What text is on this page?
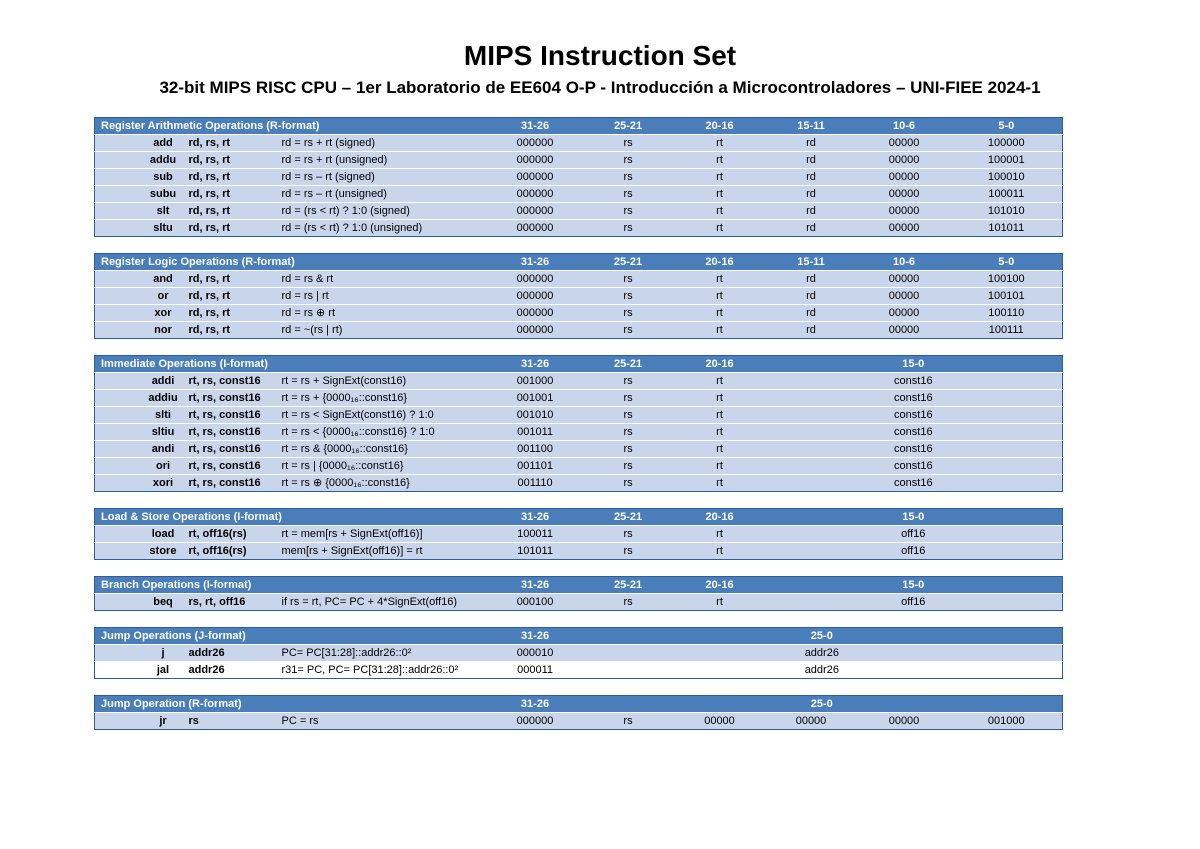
MIPS Instruction Set
32-bit MIPS RISC CPU – 1er Laboratorio de EE604 O-P - Introducción a Microcontroladores – UNI-FIEE 2024-1
Register Arithmetic Operations (R-format)				31-26	25-21	20-16	15-11	10-6	5-0
	add	rd, rs, rt	rd = rs + rt (signed)	000000	rs	rt	rd	00000	100000
	addu	rd, rs, rt	rd = rs + rt (unsigned)	000000	rs	rt	rd	00000	100001
	sub	rd, rs, rt	rd = rs – rt (signed)	000000	rs	rt	rd	00000	100010
	subu	rd, rs, rt	rd = rs – rt (unsigned)	000000	rs	rt	rd	00000	100011
	slt	rd, rs, rt	rd = (rs < rt) ? 1:0 (signed)	000000	rs	rt	rd	00000	101010
	sltu	rd, rs, rt	rd = (rs < rt) ? 1:0 (unsigned)	000000	rs	rt	rd	00000	101011
Register Logic Operations (R-format)				31-26	25-21	20-16	15-11	10-6	5-0
	and	rd, rs, rt	rd = rs & rt	000000	rs	rt	rd	00000	100100
	or	rd, rs, rt	rd = rs | rt	000000	rs	rt	rd	00000	100101
	xor	rd, rs, rt	rd = rs ⊕ rt	000000	rs	rt	rd	00000	100110
	nor	rd, rs, rt	rd = ~(rs | rt)	000000	rs	rt	rd	00000	100111
Immediate Operations (I-format)				31-26	25-21	20-16	15-0
	addi	rt, rs, const16	rt = rs + SignExt(const16)	001000	rs	rt	const16
	addiu	rt, rs, const16	rt = rs + {0000₁₆::const16}	001001	rs	rt	const16
	slti	rt, rs, const16	rt = rs < SignExt(const16) ? 1:0	001010	rs	rt	const16
	sltiu	rt, rs, const16	rt = rs < {0000₁₆::const16} ? 1:0	001011	rs	rt	const16
	andi	rt, rs, const16	rt = rs & {0000₁₆::const16}	001100	rs	rt	const16
	ori	rt, rs, const16	rt = rs | {0000₁₆::const16}	001101	rs	rt	const16
	xori	rt, rs, const16	rt = rs ⊕ {0000₁₆::const16}	001110	rs	rt	const16
Load & Store Operations (I-format)				31-26	25-21	20-16	15-0
	load	rt, off16(rs)	rt = mem[rs + SignExt(off16)]	100011	rs	rt	off16
	store	rt, off16(rs)	mem[rs + SignExt(off16)] = rt	101011	rs	rt	off16
Branch Operations (I-format)				31-26	25-21	20-16	15-0
	beq	rs, rt, off16	if rs = rt, PC= PC + 4*SignExt(off16)	000100	rs	rt	off16
Jump Operations (J-format)				31-26	25-0
	j	addr26	PC= PC[31:28]::addr26::0²	000010	addr26
	jal	addr26	r31= PC, PC= PC[31:28]::addr26::0²	000011	addr26
Jump Operation (R-format)				31-26	25-0				
	jr	rs	PC = rs	000000	rs	00000	00000	00000	001000
